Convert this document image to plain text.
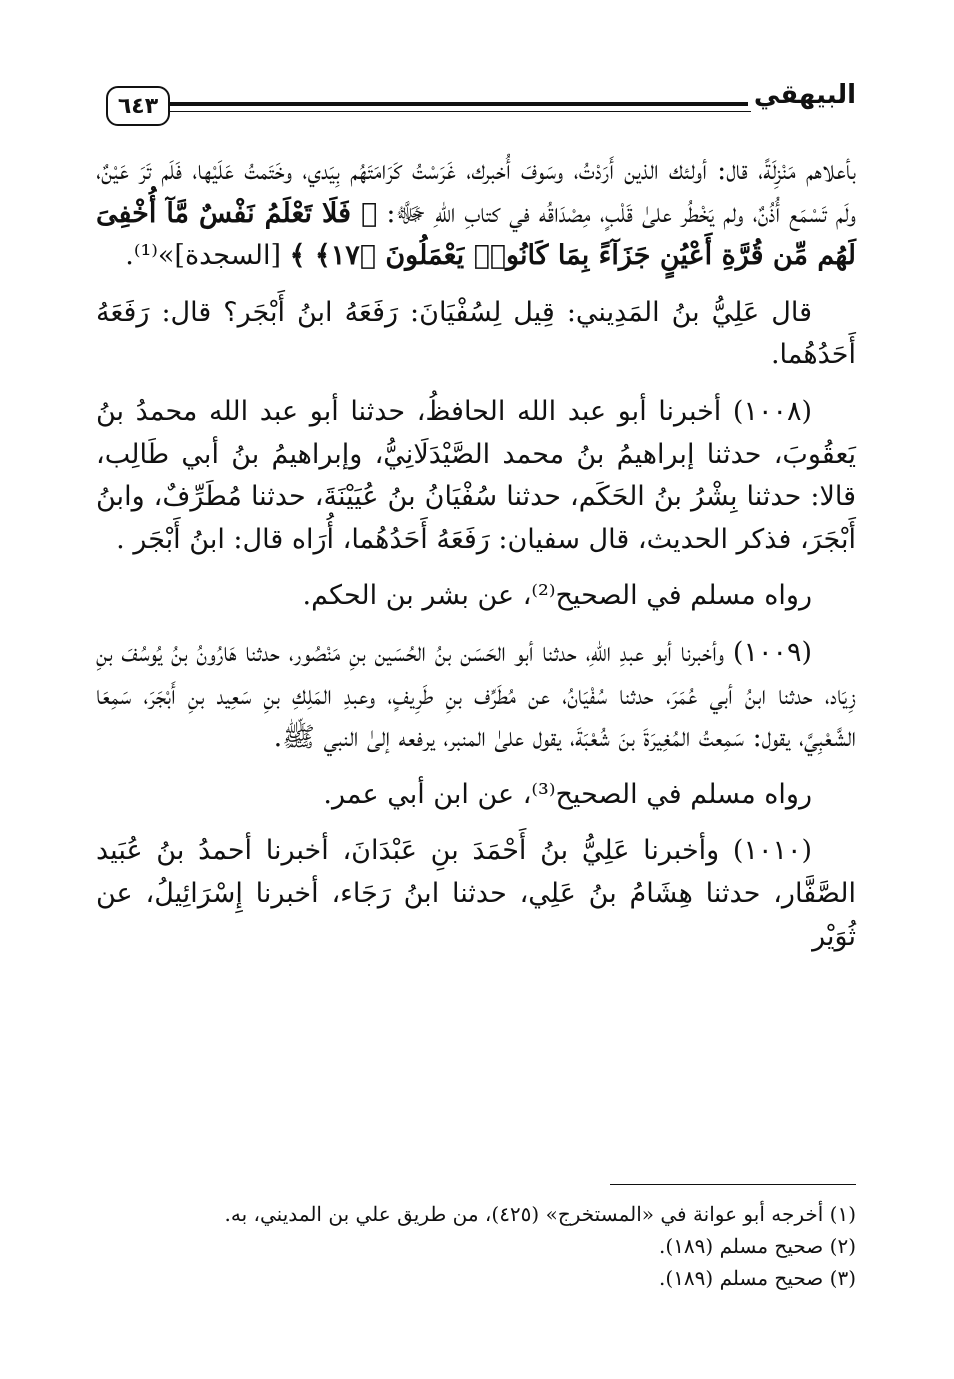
٦٤٣	البيهقي

بأعلاهم مَنْزِلَةً، قال: أولئك الذين أَرَدْتُ، وسَوفَ أُخبرك، غَرَسْتُ كَرَامَتَهُم بِيَدي، وخَتَمتُ عَلَيْها، فَلَم تَرَ عَيْنٌ، ولَم تَسْمَع أُذُنٌ، ولم يَخْطُر علىٰ قَلْبٍ، مِصْدَاقُه في كتابِ اللهِ ﷻ: ﴿ فَلَا تَعْلَمُ نَفْسٌ مَّآ أُخْفِىَ لَهُم مِّن قُرَّةِ أَعْيُنٍ جَزَآءً بِمَا كَانُوا۟ يَعْمَلُونَ ﴿١٧﴾ ﴾ [السجدة]»⁽¹⁾.

قال عَلِيُّ بنُ المَدِيني: قِيل لِسُفْيَانَ: رَفَعَهُ ابنُ أَبْجَر؟ قال: رَفَعَهُ أَحَدُهُما.

(١٠٠٨) أخبرنا أبو عبد الله الحافظُ، حدثنا أبو عبد الله محمدُ بنُ يَعقُوبَ، حدثنا إبراهيمُ بنُ محمد الصَّيْدَلَانِيُّ، وإبراهيمُ بنُ أبي طَالِب، قالا: حدثنا بِشْرُ بنُ الحَكَم، حدثنا سُفْيَانُ بنُ عُيَيْنَةَ، حدثنا مُطَرِّفٌ، وابنُ أَبْجَرَ، فذكر الحديث، قال سفيان: رَفَعَهُ أَحَدُهُما، أُرَاه قال: ابنُ أَبْجَر .

رواه مسلم في الصحيح⁽²⁾، عن بشر بن الحكم.

(١٠٠٩) وأخبرنا أبو عبدِ اللهِ، حدثنا أبو الحَسَن بنُ الحُسَين بنِ مَنْصُور، حدثنا هَارُونُ بنُ يُوسُفَ بنِ زِيَاد، حدثنا ابنُ أبي عُمَرَ، حدثنا سُفْيَانُ، عن مُطَرِّف بنِ طَرِيفٍ، وعبدِ المَلِكِ بنِ سَعِيد بنِ أَبْجَرَ، سَمِعَا الشَّعْبِيَّ، يقول: سَمِعتُ المُغِيرَةَ بنَ شُعْبَةَ، يقول علىٰ المنبر، يرفعه إلىٰ النبي ﷺ.

رواه مسلم في الصحيح⁽³⁾، عن ابن أبي عمر.

(١٠١٠) وأخبرنا عَلِيُّ بنُ أَحْمَدَ بنِ عَبْدَانَ، أخبرنا أحمدُ بنُ عُبَيد الصَّفَّار، حدثنا هِشَامُ بنُ عَلِي، حدثنا ابنُ رَجَاء، أخبرنا إِسْرَائِيلُ، عن ثُوَيْر

(١) أخرجه أبو عوانة في «المستخرج» (٤٢٥)، من طريق علي بن المديني، به.
(٢) صحيح مسلم (١٨٩).
(٣) صحيح مسلم (١٨٩).
